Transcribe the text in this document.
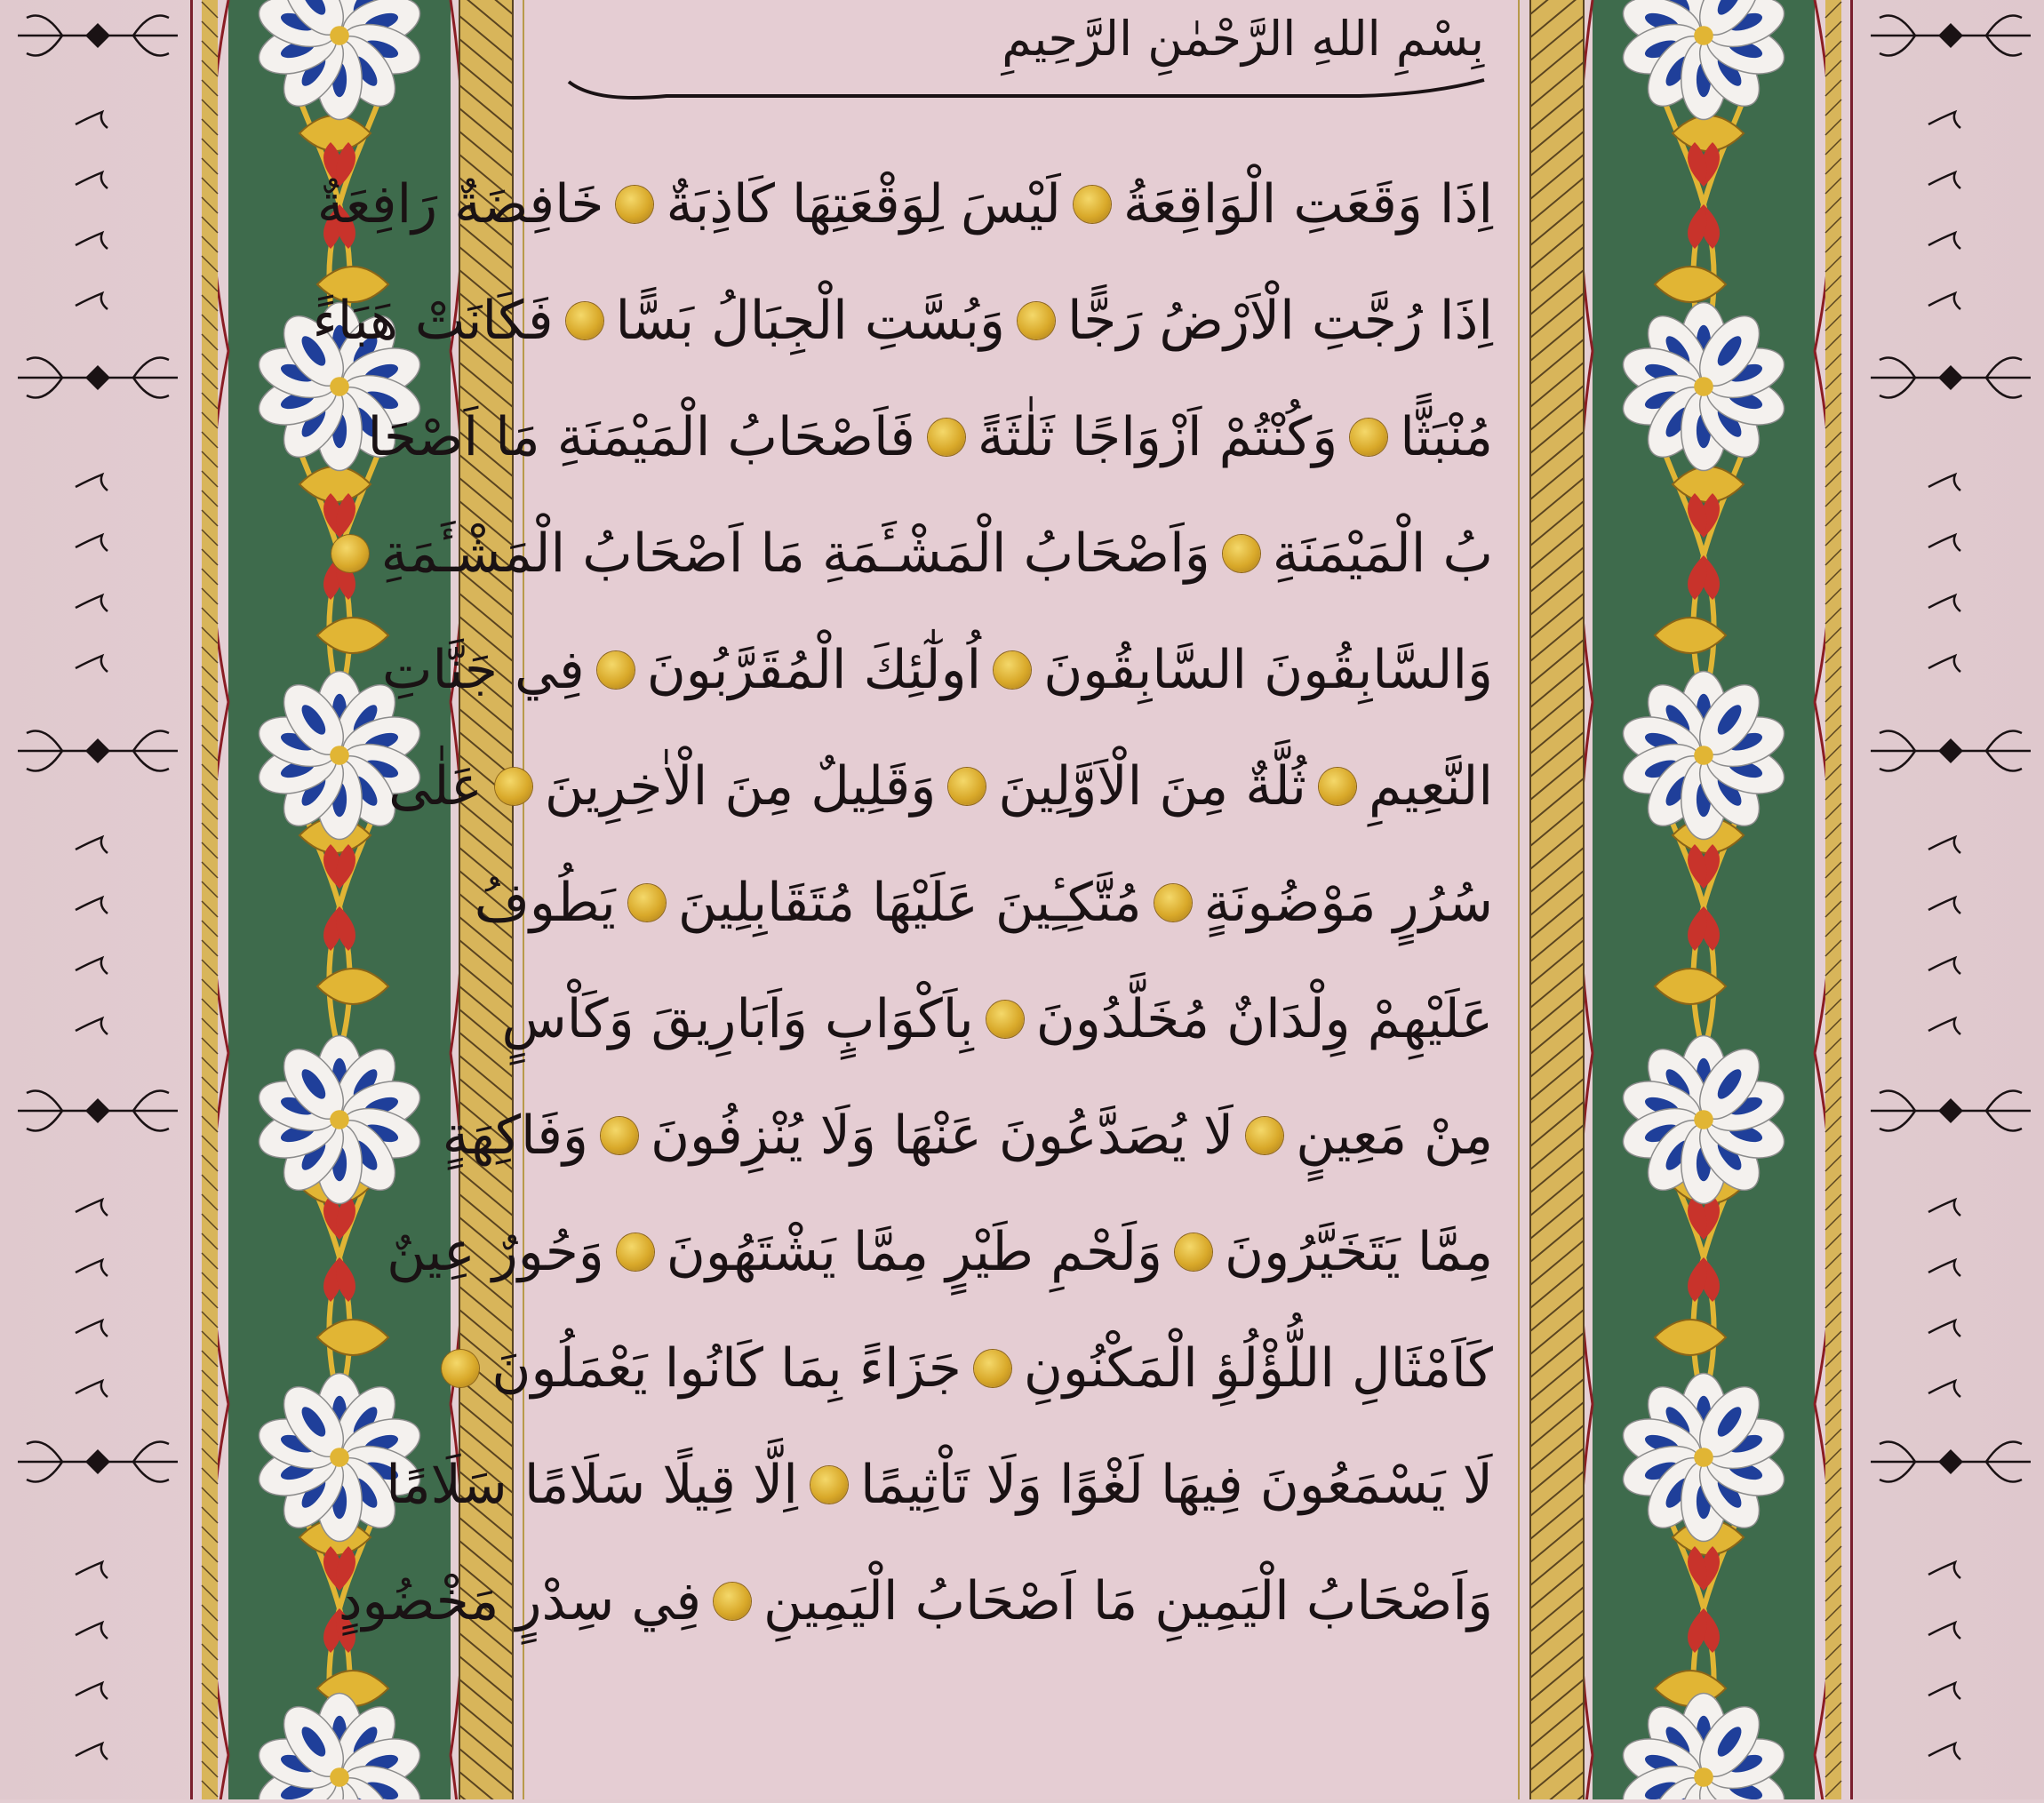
بِسْمِ اللهِ الرَّحْمٰنِ الرَّحِيمِ
اِذَا وَقَعَتِ الْوَاقِعَةُ
لَيْسَ لِوَقْعَتِهَا كَاذِبَةٌ
خَافِضَةٌ رَافِعَةٌ
اِذَا رُجَّتِ الْاَرْضُ رَجًّا
وَبُسَّتِ الْجِبَالُ بَسًّا
فَكَانَتْ هَبَاءً
مُنْبَثًّا
وَكُنْتُمْ اَزْوَاجًا ثَلٰثَةً
فَاَصْحَابُ الْمَيْمَنَةِ مَا اَصْحَا
بُ الْمَيْمَنَةِ
وَاَصْحَابُ الْمَشْـَٔمَةِ مَا اَصْحَابُ الْمَشْـَٔمَةِ
وَالسَّابِقُونَ السَّابِقُونَ
اُولٰٓئِكَ الْمُقَرَّبُونَ
فِي جَنَّاتِ
النَّعِيمِ
ثُلَّةٌ مِنَ الْاَوَّلِينَ
وَقَلِيلٌ مِنَ الْاٰخِرِينَ
عَلٰى
سُرُرٍ مَوْضُونَةٍ
مُتَّكِـِٔينَ عَلَيْهَا مُتَقَابِلِينَ
يَطُوفُ
عَلَيْهِمْ وِلْدَانٌ مُخَلَّدُونَ
بِاَكْوَابٍ وَاَبَارِيقَ وَكَاْسٍ
مِنْ مَعِينٍ
لَا يُصَدَّعُونَ عَنْهَا وَلَا يُنْزِفُونَ
وَفَاكِهَةٍ
مِمَّا يَتَخَيَّرُونَ
وَلَحْمِ طَيْرٍ مِمَّا يَشْتَهُونَ
وَحُورٌ عِينٌ
كَاَمْثَالِ اللُّؤْلُؤِ الْمَكْنُونِ
جَزَاءً بِمَا كَانُوا يَعْمَلُونَ
لَا يَسْمَعُونَ فِيهَا لَغْوًا وَلَا تَاْثِيمًا
اِلَّا قِيلًا سَلَامًا سَلَامًا
وَاَصْحَابُ الْيَمِينِ مَا اَصْحَابُ الْيَمِينِ
فِي سِدْرٍ مَخْضُودٍ
